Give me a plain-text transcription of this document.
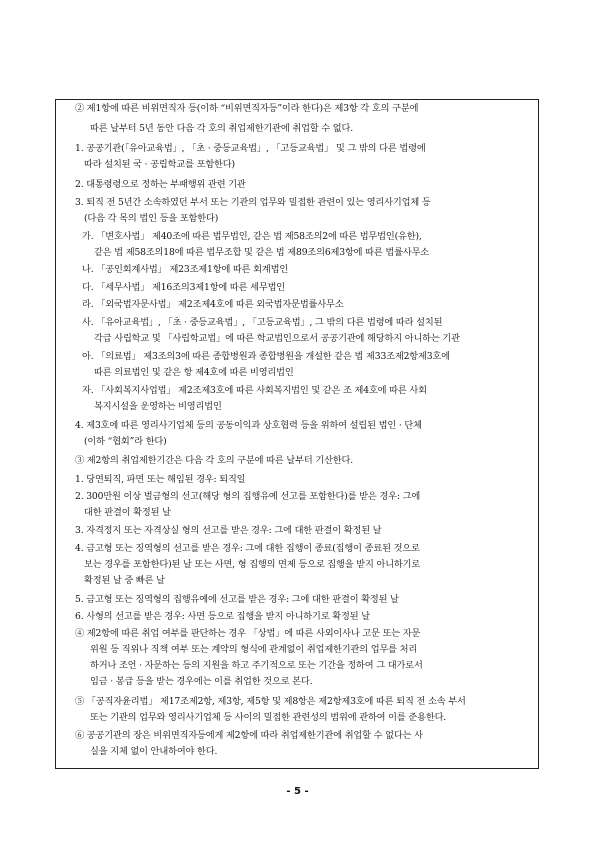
② 제1항에 따른 비위면직자 등(이하 “비위면직자등”이라 한다)은 제3항 각 호의 구분에
따른 날부터 5년 동안 다음 각 호의 취업제한기관에 취업할 수 없다.
1. 공공기관(「유아교육법」, 「초 · 중등교육법」, 「고등교육법」 및 그 밖의 다른 법령에
따라 설치된 국 · 공립학교를 포함한다)
2. 대통령령으로 정하는 부패행위 관련 기관
3. 퇴직 전 5년간 소속하였던 부서 또는 기관의 업무와 밀접한 관련이 있는 영리사기업체 등
(다음 각 목의 법인 등을 포함한다)
가. 「변호사법」 제40조에 따른 법무법인, 같은 법 제58조의2에 따른 법무법인(유한),
같은 법 제58조의18에 따른 법무조합 및 같은 법 제89조의6제3항에 따른 법률사무소
나. 「공인회계사법」 제23조제1항에 따른 회계법인
다. 「세무사법」 제16조의3제1항에 따른 세무법인
라. 「외국법자문사법」 제2조제4호에 따른 외국법자문법률사무소
사. 「유아교육법」, 「초 · 중등교육법」, 「고등교육법」, 그 밖의 다른 법령에 따라 설치된
각급 사립학교 및 「사립학교법」에 따른 학교법인으로서 공공기관에 해당하지 아니하는 기관
아. 「의료법」 제3조의3에 따른 종합병원과 종합병원을 개설한 같은 법 제33조제2항제3호에
따른 의료법인 및 같은 항 제4호에 따른 비영리법인
자. 「사회복지사업법」 제2조제3호에 따른 사회복지법인 및 같은 조 제4호에 따른 사회
복지시설을 운영하는 비영리법인
4. 제3호에 따른 영리사기업체 등의 공동이익과 상호협력 등을 위하여 설립된 법인 · 단체
(이하 “협회”라 한다)
③ 제2항의 취업제한기간은 다음 각 호의 구분에 따른 날부터 기산한다.
1. 당연퇴직, 파면 또는 해임된 경우: 퇴직일
2. 300만원 이상 벌금형의 선고(해당 형의 집행유예 선고를 포함한다)를 받은 경우: 그에
대한 판결이 확정된 날
3. 자격정지 또는 자격상실 형의 선고를 받은 경우: 그에 대한 판결이 확정된 날
4. 금고형 또는 징역형의 선고를 받은 경우: 그에 대한 집행이 종료(집행이 종료된 것으로
보는 경우를 포함한다)된 날 또는 사면, 형 집행의 면제 등으로 집행을 받지 아니하기로
확정된 날 중 빠른 날
5. 금고형 또는 징역형의 집행유예에 선고를 받은 경우: 그에 대한 판결이 확정된 날
6. 사형의 선고를 받은 경우: 사면 등으로 집행을 받지 아니하기로 확정된 날
④ 제2항에 따른 취업 여부를 판단하는 경우 「상법」에 따른 사외이사나 고문 또는 자문
위원 등 직위나 직책 여부 또는 계약의 형식에 관계없이 취업제한기관의 업무를 처리
하거나 조언 · 자문하는 등의 지원을 하고 주기적으로 또는 기간을 정하여 그 대가로서
임금 · 봉급 등을 받는 경우에는 이를 취업한 것으로 본다.
⑤ 「공직자윤리법」 제17조제2항, 제3항, 제5항 및 제8항은 제2항제3호에 따른 퇴직 전 소속 부서
또는 기관의 업무와 영리사기업체 등 사이의 밀접한 관련성의 범위에 관하여 이를 준용한다.
⑥ 공공기관의 장은 비위면직자등에게 제2항에 따라 취업제한기관에 취업할 수 없다는 사
실을 지체 없이 안내하여야 한다.
- 5 -
